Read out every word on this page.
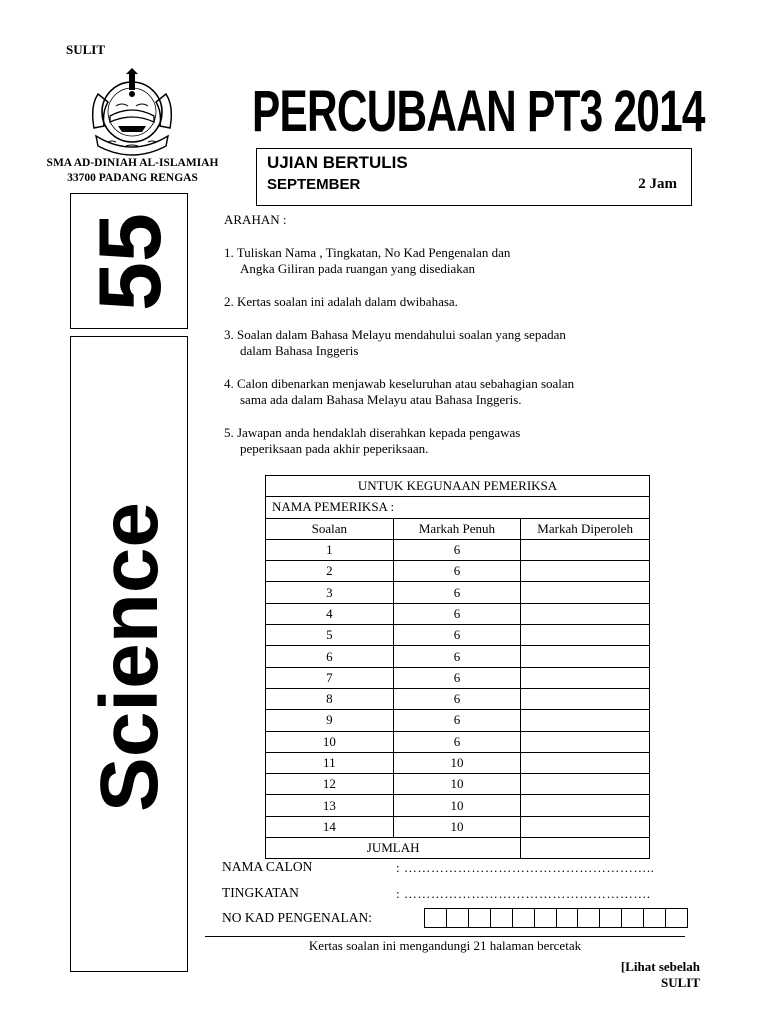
SULIT
SMA AD-DINIAH AL-ISLAMIAH
33700 PADANG RENGAS
PERCUBAAN PT3 2014
UJIAN BERTULIS
SEPTEMBER	2 Jam
55
Science

ARAHAN :

1. Tuliskan Nama , Tingkatan, No Kad Pengenalan dan
Angka Giliran pada ruangan yang disediakan

2. Kertas soalan ini adalah dalam dwibahasa.

3. Soalan dalam Bahasa Melayu mendahului soalan yang sepadan
dalam Bahasa Inggeris

4. Calon dibenarkan menjawab keseluruhan atau sebahagian soalan
sama ada dalam Bahasa Melayu atau Bahasa Inggeris.

5. Jawapan anda hendaklah diserahkan kepada pengawas
peperiksaan pada akhir peperiksaan.

UNTUK KEGUNAAN PEMERIKSA		
NAMA PEMERIKSA :		
Soalan	Markah Penuh	Markah Diperoleh
1	6	
2	6	
3	6	
4	6	
5	6	
6	6	
7	6	
8	6	
9	6	
10	6	
11	10	
12	10	
13	10	
14	10	
JUMLAH		
NAMA CALON	: ………………………………………………..
TINGKATAN	: ……………………………………………….
NO KAD PENGENALAN:
Kertas soalan ini mengandungi 21 halaman bercetak
[Lihat sebelah
SULIT
